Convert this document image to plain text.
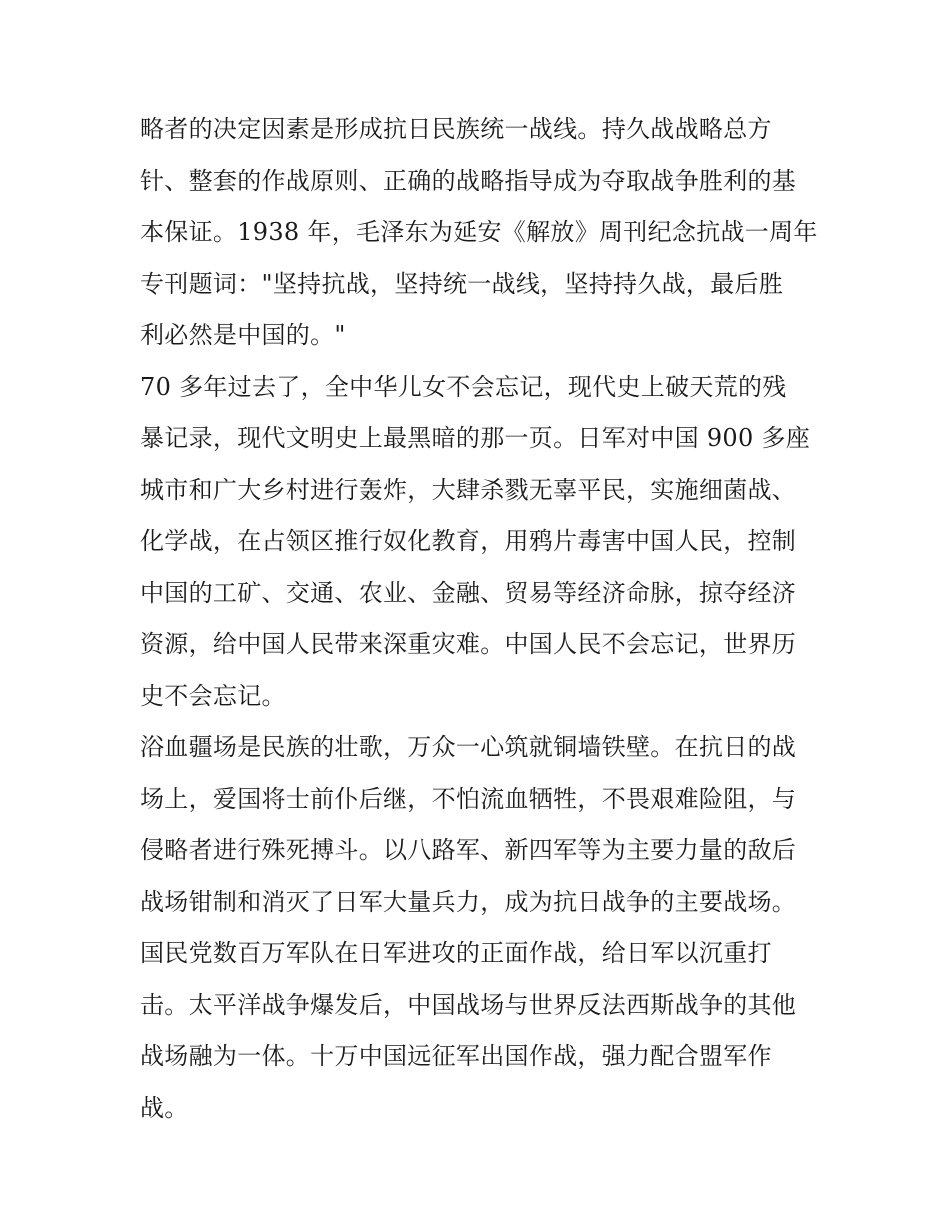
略者的决定因素是形成抗日民族统一战线。持久战战略总方
针、整套的作战原则、正确的战略指导成为夺取战争胜利的基
本保证。1938 年，毛泽东为延安《解放》周刊纪念抗战一周年
专刊题词："坚持抗战，坚持统一战线，坚持持久战，最后胜
利必然是中国的。"

70 多年过去了，全中华儿女不会忘记，现代史上破天荒的残
暴记录，现代文明史上最黑暗的那一页。日军对中国 900 多座
城市和广大乡村进行轰炸，大肆杀戮无辜平民，实施细菌战、
化学战，在占领区推行奴化教育，用鸦片毒害中国人民，控制
中国的工矿、交通、农业、金融、贸易等经济命脉，掠夺经济
资源，给中国人民带来深重灾难。中国人民不会忘记，世界历
史不会忘记。

浴血疆场是民族的壮歌，万众一心筑就铜墙铁壁。在抗日的战
场上，爱国将士前仆后继，不怕流血牺牲，不畏艰难险阻，与
侵略者进行殊死搏斗。以八路军、新四军等为主要力量的敌后
战场钳制和消灭了日军大量兵力，成为抗日战争的主要战场。
国民党数百万军队在日军进攻的正面作战，给日军以沉重打
击。太平洋战争爆发后，中国战场与世界反法西斯战争的其他
战场融为一体。十万中国远征军出国作战，强力配合盟军作
战。
